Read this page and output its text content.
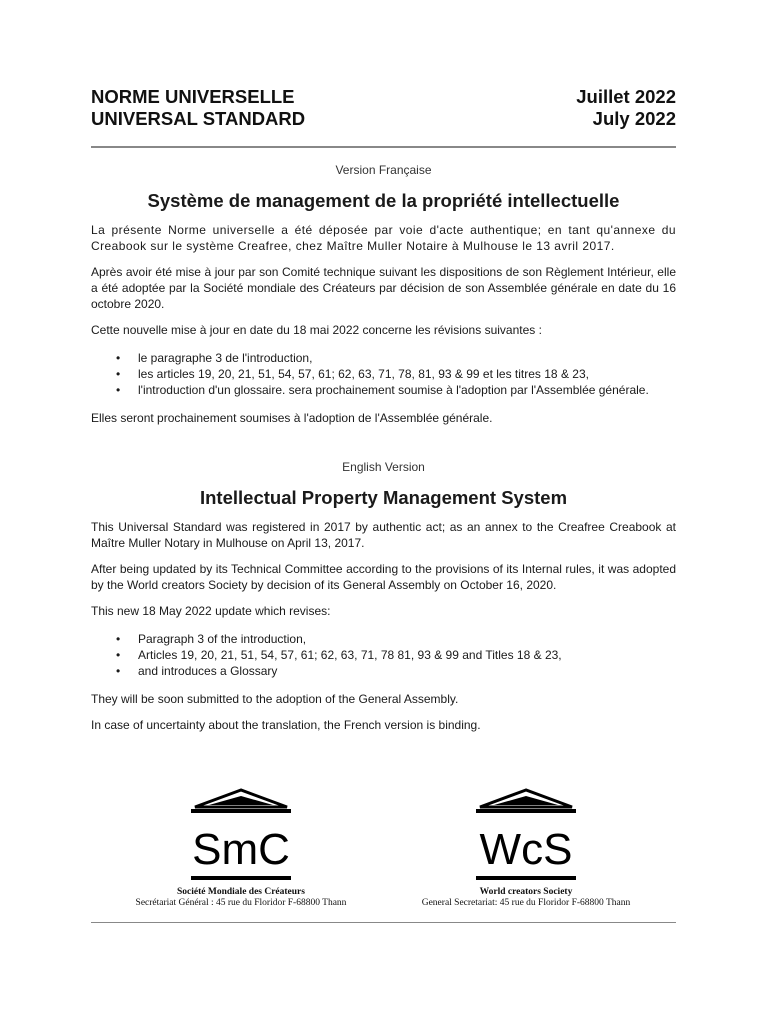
NORME UNIVERSELLE
UNIVERSAL STANDARD
Juillet 2022
July 2022
Version Française
Système de management de la propriété intellectuelle

La présente Norme universelle a été déposée par voie d'acte authentique; en tant qu'annexe du Creabook sur le système Creafree, chez Maître Muller Notaire à Mulhouse le 13 avril 2017.

Après avoir été mise à jour par son Comité technique suivant les dispositions de son Règlement Intérieur, elle a été adoptée par la Société mondiale des Créateurs par décision de son Assemblée générale en date du 16 octobre 2020.

Cette nouvelle mise à jour en date du 18 mai 2022 concerne les révisions suivantes :

• le paragraphe 3 de l'introduction,
• les articles 19, 20, 21, 51, 54, 57, 61; 62, 63, 71, 78, 81, 93 & 99 et les titres 18 & 23,
• l'introduction d'un glossaire. sera prochainement soumise à l'adoption par l'Assemblée générale.

Elles seront prochainement soumises à l'adoption de l'Assemblée générale.

English Version
Intellectual Property Management System

This Universal Standard was registered in 2017 by authentic act; as an annex to the Creafree Creabook at Maître Muller Notary in Mulhouse on April 13, 2017.

After being updated by its Technical Committee according to the provisions of its Internal rules, it was adopted by the World creators Society by decision of its General Assembly on October 16, 2020.

This new 18 May 2022 update which revises:

• Paragraph 3 of the introduction,
• Articles 19, 20, 21, 51, 54, 57, 61; 62, 63, 71, 78 81, 93 & 99 and Titles 18 & 23,
• and introduces a Glossary

They will be soon submitted to the adoption of the General Assembly.

In case of uncertainty about the translation, the French version is binding.

SmC
Société Mondiale des Créateurs
Secrétariat Général : 45 rue du Floridor F-68800 Thann
WcS
World creators Society
General Secretariat: 45 rue du Floridor F-68800 Thann
